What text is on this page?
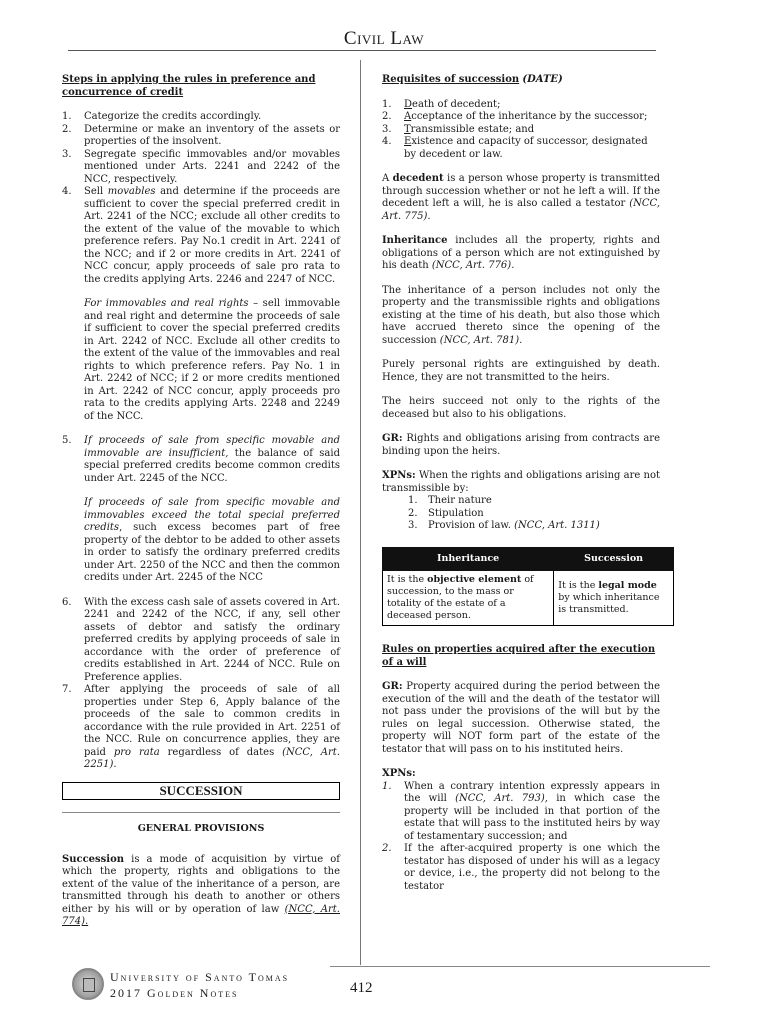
Civil Law
Steps in applying the rules in preference and concurrence of credit
1. Categorize the credits accordingly.
2. Determine or make an inventory of the assets or properties of the insolvent.
3. Segregate specific immovables and/or movables mentioned under Arts. 2241 and 2242 of the NCC, respectively.
4. Sell movables and determine if the proceeds are sufficient to cover the special preferred credit in Art. 2241 of the NCC; exclude all other credits to the extent of the value of the movable to which preference refers. Pay No.1 credit in Art. 2241 of the NCC; and if 2 or more credits in Art. 2241 of NCC concur, apply proceeds of sale pro rata to the credits applying Arts. 2246 and 2247 of NCC.
For immovables and real rights – sell immovable and real right and determine the proceeds of sale if sufficient to cover the special preferred credits in Art. 2242 of NCC. Exclude all other credits to the extent of the value of the immovables and real rights to which preference refers. Pay No. 1 in Art. 2242 of NCC; if 2 or more credits mentioned in Art. 2242 of NCC concur, apply proceeds pro rata to the credits applying Arts. 2248 and 2249 of the NCC.
5. If proceeds of sale from specific movable and immovable are insufficient, the balance of said special preferred credits become common credits under Art. 2245 of the NCC.
If proceeds of sale from specific movable and immovables exceed the total special preferred credits, such excess becomes part of free property of the debtor to be added to other assets in order to satisfy the ordinary preferred credits under Art. 2250 of the NCC and then the common credits under Art. 2245 of the NCC
6. With the excess cash sale of assets covered in Art. 2241 and 2242 of the NCC, if any, sell other assets of debtor and satisfy the ordinary preferred credits by applying proceeds of sale in accordance with the order of preference of credits established in Art. 2244 of NCC. Rule on Preference applies.
7. After applying the proceeds of sale of all properties under Step 6, Apply balance of the proceeds of the sale to common credits in accordance with the rule provided in Art. 2251 of the NCC. Rule on concurrence applies, they are paid pro rata regardless of dates (NCC, Art. 2251).
SUCCESSION
GENERAL PROVISIONS

Succession is a mode of acquisition by virtue of which the property, rights and obligations to the extent of the value of the inheritance of a person, are transmitted through his death to another or others either by his will or by operation of law (NCC, Art. 774).

Requisites of succession (DATE)
1. Death of decedent;
2. Acceptance of the inheritance by the successor;
3. Transmissible estate; and
4. Existence and capacity of successor, designated by decedent or law.

A decedent is a person whose property is transmitted through succession whether or not he left a will. If the decedent left a will, he is also called a testator (NCC, Art. 775).

Inheritance includes all the property, rights and obligations of a person which are not extinguished by his death (NCC, Art. 776).

The inheritance of a person includes not only the property and the transmissible rights and obligations existing at the time of his death, but also those which have accrued thereto since the opening of the succession (NCC, Art. 781).

Purely personal rights are extinguished by death. Hence, they are not transmitted to the heirs.

The heirs succeed not only to the rights of the deceased but also to his obligations.

GR: Rights and obligations arising from contracts are binding upon the heirs.

XPNs: When the rights and obligations arising are not transmissible by:
1. Their nature
2. Stipulation
3. Provision of law. (NCC, Art. 1311)
Inheritance	Succession
It is the objective element of succession, to the mass or totality of the estate of a deceased person.	It is the legal mode by which inheritance is transmitted.
Rules on properties acquired after the execution of a will

GR: Property acquired during the period between the execution of the will and the death of the testator will not pass under the provisions of the will but by the rules on legal succession. Otherwise stated, the property will NOT form part of the estate of the testator that will pass on to his instituted heirs.

XPNs:
1. When a contrary intention expressly appears in the will (NCC, Art. 793), in which case the property will be included in that portion of the estate that will pass to the instituted heirs by way of testamentary succession; and
2. If the after-acquired property is one which the testator has disposed of under his will as a legacy or device, i.e., the property did not belong to the testator
University of Santo Tomas
2017 Golden Notes	412
